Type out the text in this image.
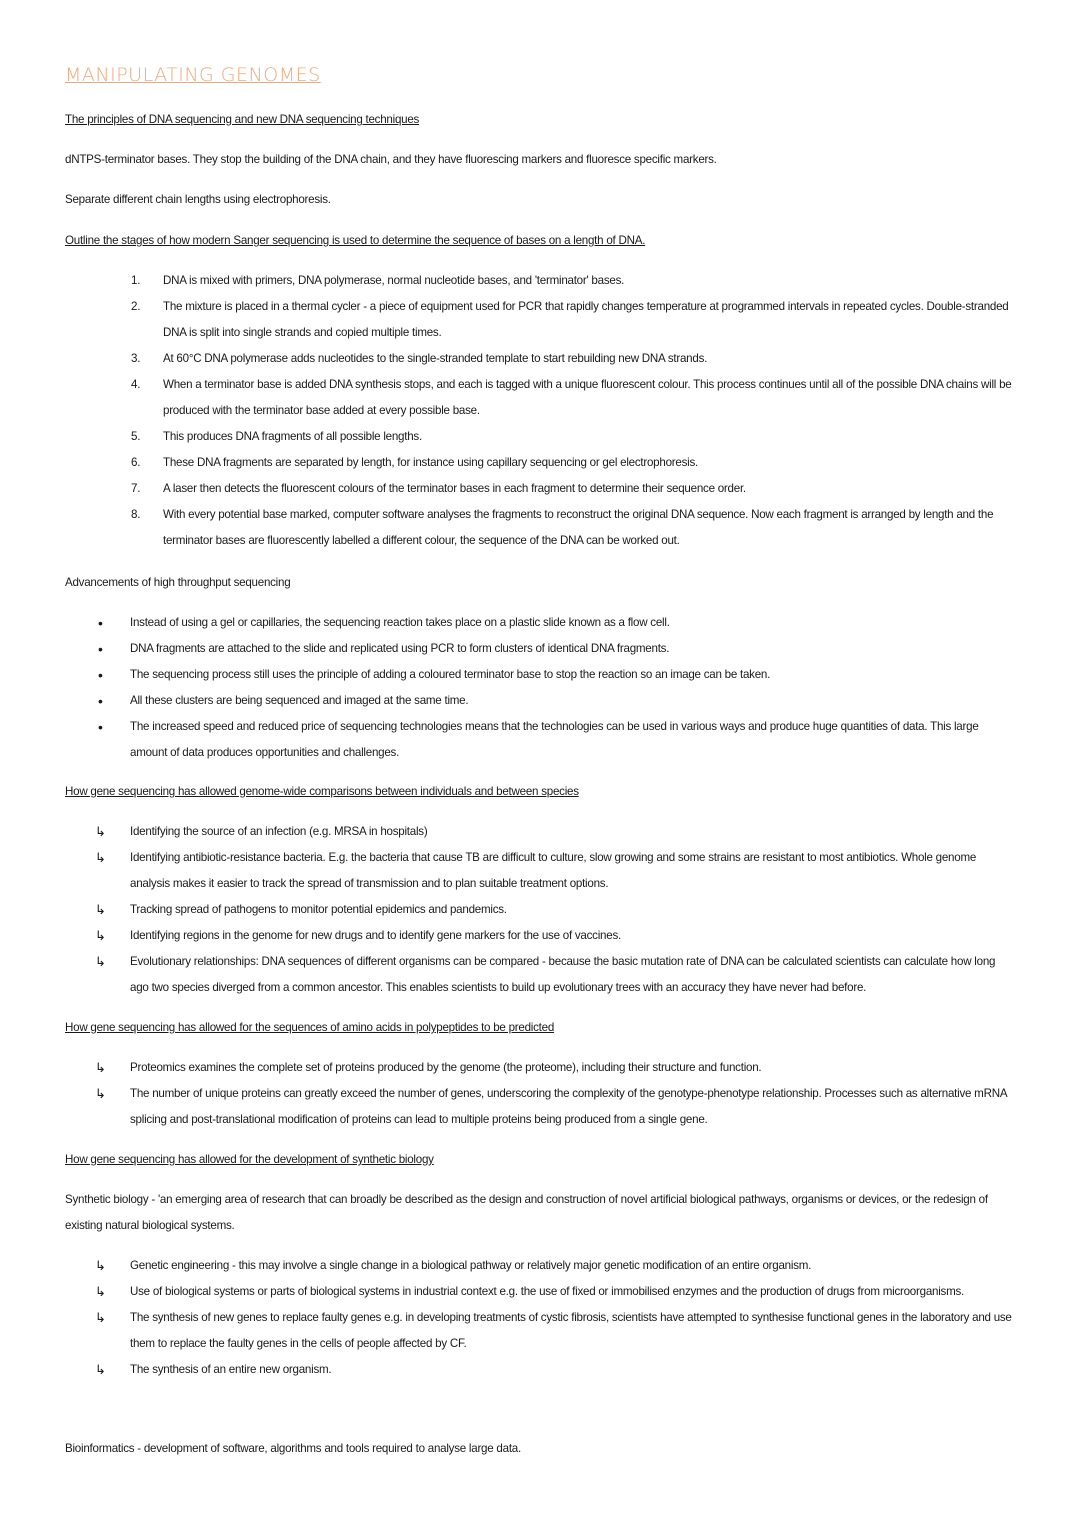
MANIPULATING GENOMES
The principles of DNA sequencing and new DNA sequencing techniques
dNTPS-terminator bases. They stop the building of the DNA chain, and they have fluorescing markers and fluoresce specific markers.
Separate different chain lengths using electrophoresis.
Outline the stages of how modern Sanger sequencing is used to determine the sequence of bases on a length of DNA.
1. DNA is mixed with primers, DNA polymerase, normal nucleotide bases, and 'terminator' bases.
2. The mixture is placed in a thermal cycler - a piece of equipment used for PCR that rapidly changes temperature at programmed intervals in repeated cycles. Double-stranded DNA is split into single strands and copied multiple times.
3. At 60°C DNA polymerase adds nucleotides to the single-stranded template to start rebuilding new DNA strands.
4. When a terminator base is added DNA synthesis stops, and each is tagged with a unique fluorescent colour. This process continues until all of the possible DNA chains will be produced with the terminator base added at every possible base.
5. This produces DNA fragments of all possible lengths.
6. These DNA fragments are separated by length, for instance using capillary sequencing or gel electrophoresis.
7. A laser then detects the fluorescent colours of the terminator bases in each fragment to determine their sequence order.
8. With every potential base marked, computer software analyses the fragments to reconstruct the original DNA sequence. Now each fragment is arranged by length and the terminator bases are fluorescently labelled a different colour, the sequence of the DNA can be worked out.
Advancements of high throughput sequencing
• Instead of using a gel or capillaries, the sequencing reaction takes place on a plastic slide known as a flow cell.
• DNA fragments are attached to the slide and replicated using PCR to form clusters of identical DNA fragments.
• The sequencing process still uses the principle of adding a coloured terminator base to stop the reaction so an image can be taken.
• All these clusters are being sequenced and imaged at the same time.
• The increased speed and reduced price of sequencing technologies means that the technologies can be used in various ways and produce huge quantities of data. This large amount of data produces opportunities and challenges.
How gene sequencing has allowed genome-wide comparisons between individuals and between species
↳ Identifying the source of an infection (e.g. MRSA in hospitals)
↳ Identifying antibiotic-resistance bacteria. E.g. the bacteria that cause TB are difficult to culture, slow growing and some strains are resistant to most antibiotics. Whole genome analysis makes it easier to track the spread of transmission and to plan suitable treatment options.
↳ Tracking spread of pathogens to monitor potential epidemics and pandemics.
↳ Identifying regions in the genome for new drugs and to identify gene markers for the use of vaccines.
↳ Evolutionary relationships: DNA sequences of different organisms can be compared - because the basic mutation rate of DNA can be calculated scientists can calculate how long ago two species diverged from a common ancestor. This enables scientists to build up evolutionary trees with an accuracy they have never had before.
How gene sequencing has allowed for the sequences of amino acids in polypeptides to be predicted
↳ Proteomics examines the complete set of proteins produced by the genome (the proteome), including their structure and function.
↳ The number of unique proteins can greatly exceed the number of genes, underscoring the complexity of the genotype-phenotype relationship. Processes such as alternative mRNA splicing and post-translational modification of proteins can lead to multiple proteins being produced from a single gene.
How gene sequencing has allowed for the development of synthetic biology
Synthetic biology - 'an emerging area of research that can broadly be described as the design and construction of novel artificial biological pathways, organisms or devices, or the redesign of existing natural biological systems.
↳ Genetic engineering - this may involve a single change in a biological pathway or relatively major genetic modification of an entire organism.
↳ Use of biological systems or parts of biological systems in industrial context e.g. the use of fixed or immobilised enzymes and the production of drugs from microorganisms.
↳ The synthesis of new genes to replace faulty genes e.g. in developing treatments of cystic fibrosis, scientists have attempted to synthesise functional genes in the laboratory and use them to replace the faulty genes in the cells of people affected by CF.
↳ The synthesis of an entire new organism.
Bioinformatics - development of software, algorithms and tools required to analyse large data.
